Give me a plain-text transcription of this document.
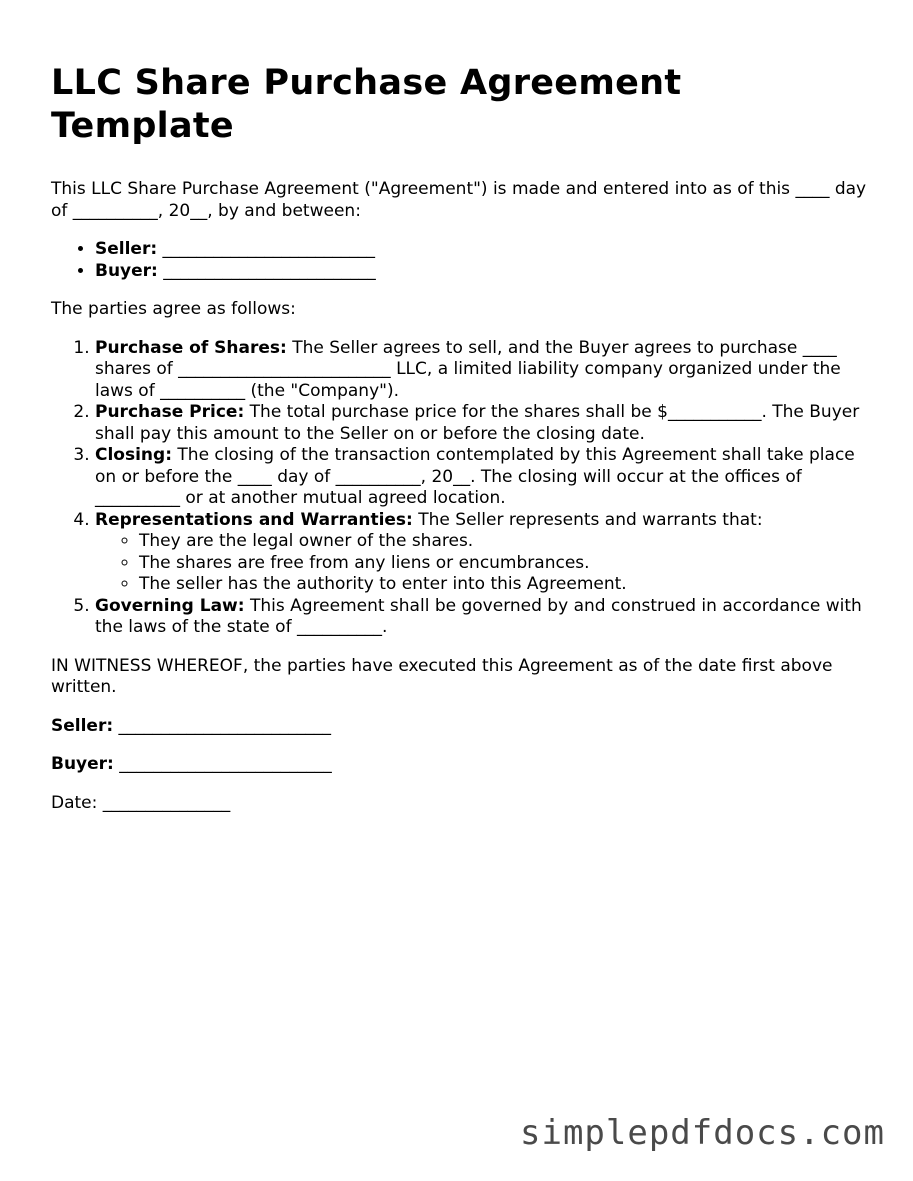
LLC Share Purchase Agreement Template

This LLC Share Purchase Agreement ("Agreement") is made and entered into as of this ____ day of __________, 20__, by and between:

• Seller: _________________________
• Buyer: _________________________

The parties agree as follows:

1. Purchase of Shares: The Seller agrees to sell, and the Buyer agrees to purchase ____ shares of _________________________ LLC, a limited liability company organized under the laws of __________ (the "Company").
2. Purchase Price: The total purchase price for the shares shall be $___________. The Buyer shall pay this amount to the Seller on or before the closing date.
3. Closing: The closing of the transaction contemplated by this Agreement shall take place on or before the ____ day of __________, 20__. The closing will occur at the offices of __________ or at another mutual agreed location.
4. Representations and Warranties: The Seller represents and warrants that:
◦ They are the legal owner of the shares.
◦ The shares are free from any liens or encumbrances.
◦ The seller has the authority to enter into this Agreement.
5. Governing Law: This Agreement shall be governed by and construed in accordance with the laws of the state of __________.

IN WITNESS WHEREOF, the parties have executed this Agreement as of the date first above written.

Seller: _________________________
Buyer: _________________________
Date: _______________
simplepdfdocs.com
